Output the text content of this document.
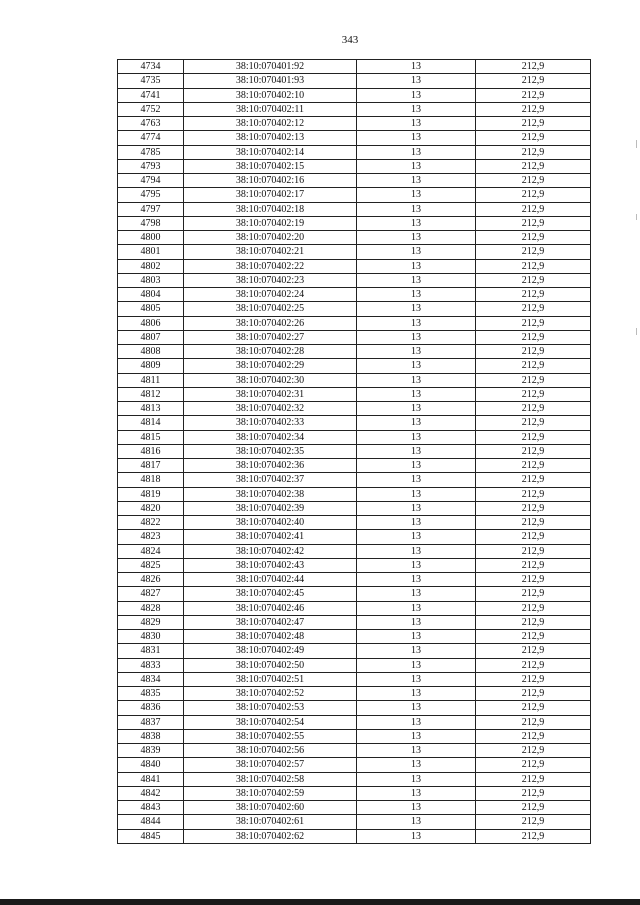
343
4734	38:10:070401:92	13	212,9
4735	38:10:070401:93	13	212,9
4741	38:10:070402:10	13	212,9
4752	38:10:070402:11	13	212,9
4763	38:10:070402:12	13	212,9
4774	38:10:070402:13	13	212,9
4785	38:10:070402:14	13	212,9
4793	38:10:070402:15	13	212,9
4794	38:10:070402:16	13	212,9
4795	38:10:070402:17	13	212,9
4797	38:10:070402:18	13	212,9
4798	38:10:070402:19	13	212,9
4800	38:10:070402:20	13	212,9
4801	38:10:070402:21	13	212,9
4802	38:10:070402:22	13	212,9
4803	38:10:070402:23	13	212,9
4804	38:10:070402:24	13	212,9
4805	38:10:070402:25	13	212,9
4806	38:10:070402:26	13	212,9
4807	38:10:070402:27	13	212,9
4808	38:10:070402:28	13	212,9
4809	38:10:070402:29	13	212,9
4811	38:10:070402:30	13	212,9
4812	38:10:070402:31	13	212,9
4813	38:10:070402:32	13	212,9
4814	38:10:070402:33	13	212,9
4815	38:10:070402:34	13	212,9
4816	38:10:070402:35	13	212,9
4817	38:10:070402:36	13	212,9
4818	38:10:070402:37	13	212,9
4819	38:10:070402:38	13	212,9
4820	38:10:070402:39	13	212,9
4822	38:10:070402:40	13	212,9
4823	38:10:070402:41	13	212,9
4824	38:10:070402:42	13	212,9
4825	38:10:070402:43	13	212,9
4826	38:10:070402:44	13	212,9
4827	38:10:070402:45	13	212,9
4828	38:10:070402:46	13	212,9
4829	38:10:070402:47	13	212,9
4830	38:10:070402:48	13	212,9
4831	38:10:070402:49	13	212,9
4833	38:10:070402:50	13	212,9
4834	38:10:070402:51	13	212,9
4835	38:10:070402:52	13	212,9
4836	38:10:070402:53	13	212,9
4837	38:10:070402:54	13	212,9
4838	38:10:070402:55	13	212,9
4839	38:10:070402:56	13	212,9
4840	38:10:070402:57	13	212,9
4841	38:10:070402:58	13	212,9
4842	38:10:070402:59	13	212,9
4843	38:10:070402:60	13	212,9
4844	38:10:070402:61	13	212,9
4845	38:10:070402:62	13	212,9
